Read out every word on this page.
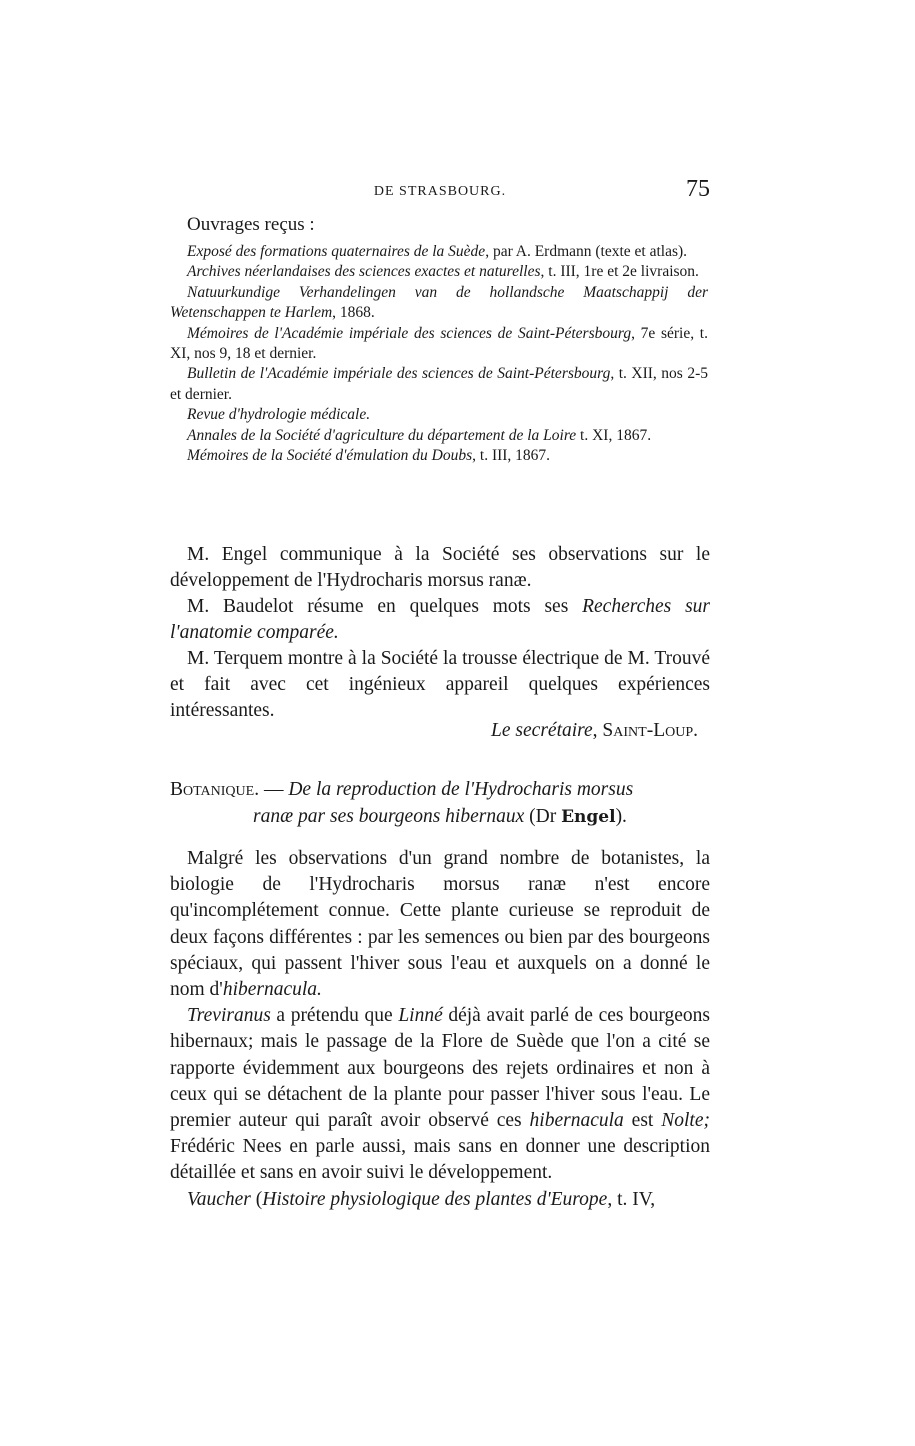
DE STRASBOURG.	75
Ouvrages reçus :

Exposé des formations quaternaires de la Suède, par A. Erdmann (texte et atlas).

Archives néerlandaises des sciences exactes et naturelles, t. III, 1re et 2e livraison.

Natuurkundige Verhandelingen van de hollandsche Maatschappij der Wetenschappen te Harlem, 1868.

Mémoires de l'Académie impériale des sciences de Saint-Pétersbourg, 7e série, t. XI, nos 9, 18 et dernier.

Bulletin de l'Académie impériale des sciences de Saint-Pétersbourg, t. XII, nos 2-5 et dernier.

Revue d'hydrologie médicale.

Annales de la Société d'agriculture du département de la Loire t. XI, 1867.

Mémoires de la Société d'émulation du Doubs, t. III, 1867.

M. Engel communique à la Société ses observations sur le développement de l'Hydrocharis morsus ranæ.

M. Baudelot résume en quelques mots ses Recherches sur l'anatomie comparée.

M. Terquem montre à la Société la trousse électrique de M. Trouvé et fait avec cet ingénieux appareil quelques expériences intéressantes.

Le secrétaire, Saint-Loup.

Botanique. — De la reproduction de l'Hydrocharis morsus

ranæ par ses bourgeons hibernaux (Dr Engel).

Malgré les observations d'un grand nombre de botanistes, la biologie de l'Hydrocharis morsus ranæ n'est encore qu'incomplétement connue. Cette plante curieuse se reproduit de deux façons différentes : par les semences ou bien par des bourgeons spéciaux, qui passent l'hiver sous l'eau et auxquels on a donné le nom d'hibernacula.

Treviranus a prétendu que Linné déjà avait parlé de ces bourgeons hibernaux; mais le passage de la Flore de Suède que l'on a cité se rapporte évidemment aux bourgeons des rejets ordinaires et non à ceux qui se détachent de la plante pour passer l'hiver sous l'eau. Le premier auteur qui paraît avoir observé ces hibernacula est Nolte; Frédéric Nees en parle aussi, mais sans en donner une description détaillée et sans en avoir suivi le développement.

Vaucher (Histoire physiologique des plantes d'Europe, t. IV,
